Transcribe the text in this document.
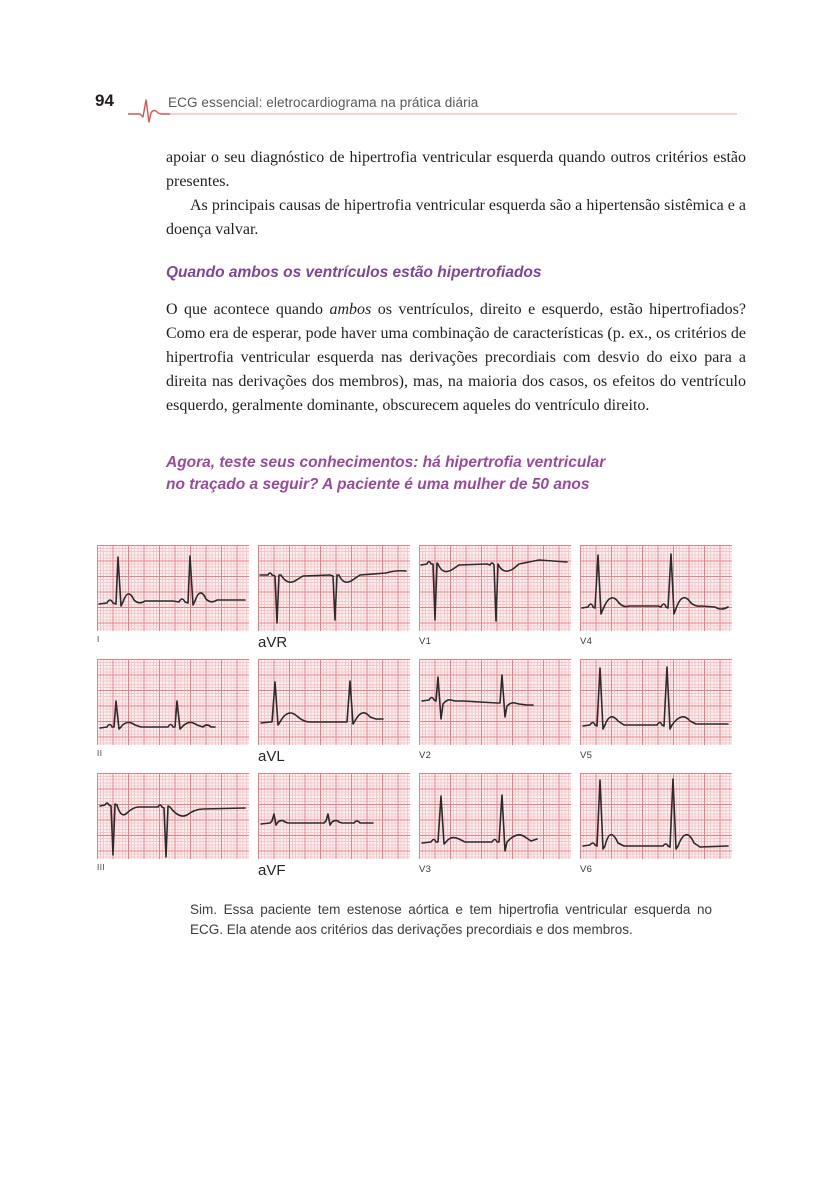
94	ECG essencial: eletrocardiograma na prática diária

apoiar o seu diagnóstico de hipertrofia ventricular esquerda quando outros critérios estão presentes.

As principais causas de hipertrofia ventricular esquerda são a hipertensão sistêmica e a doença valvar.

Quando ambos os ventrículos estão hipertrofiados

O que acontece quando ambos os ventrículos, direito e esquerdo, estão hipertrofiados? Como era de esperar, pode haver uma combinação de características (p. ex., os critérios de hipertrofia ventricular esquerda nas derivações precordiais com desvio do eixo para a direita nas derivações dos membros), mas, na maioria dos casos, os efeitos do ventrículo esquerdo, geralmente dominante, obscurecem aqueles do ventrículo direito.

Agora, teste seus conhecimentos: há hipertrofia ventricular
no traçado a seguir? A paciente é uma mulher de 50 anos
I	aVR	V1	V4
II	aVL	V2	V5
III	aVF	V3	V6
Sim. Essa paciente tem estenose aórtica e tem hipertrofia ventricular esquerda no ECG. Ela atende aos critérios das derivações precordiais e dos membros.
